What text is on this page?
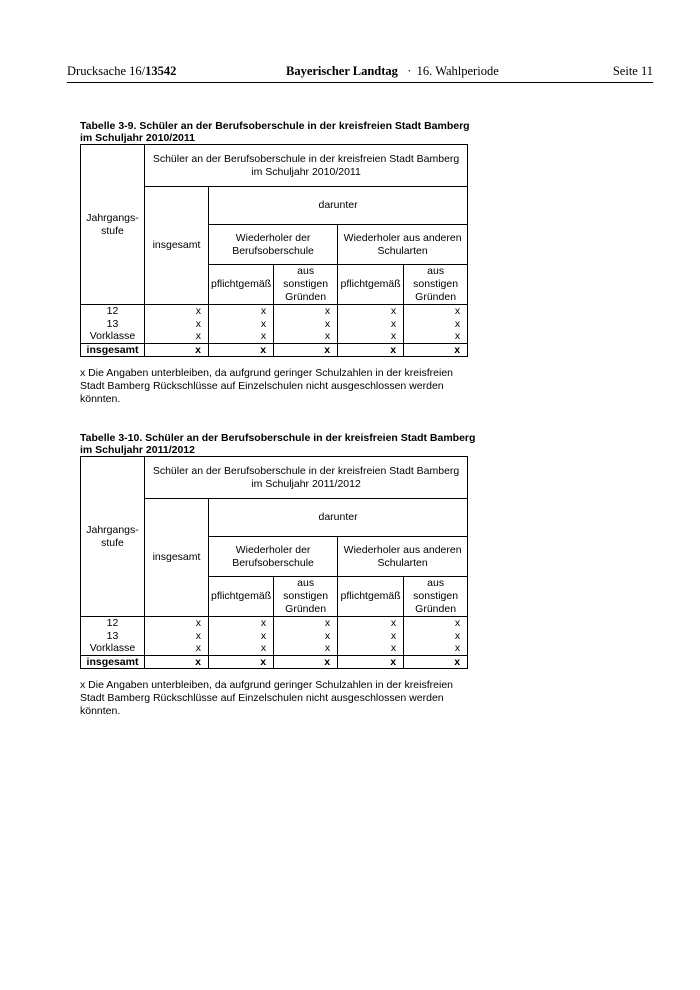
Drucksache 16/13542	Bayerischer Landtag ·
16. Wahlperiode	Seite 11
Tabelle 3-9. Schüler an der Berufsoberschule in der kreisfreien Stadt Bamberg
im Schuljahr 2010/2011
Jahrgangs-stufe	Schüler an der Berufsoberschule in der kreisfreien Stadt Bamberg im Schuljahr 2010/2011				
	insgesamt	darunter			
		Wiederholer der Berufsoberschule		Wiederholer aus anderen Schularten	
		pflichtgemäß	aus sonstigen Gründen	pflichtgemäß	aus sonstigen Gründen
12	x	x	x	x	x
13	x	x	x	x	x
Vorklasse	x	x	x	x	x
insgesamt	x	x	x	x	x
x Die Angaben unterbleiben, da aufgrund geringer Schulzahlen in der kreisfreien Stadt Bamberg Rückschlüsse auf Einzelschulen nicht ausgeschlossen werden könnten.
Tabelle 3-10. Schüler an der Berufsoberschule in der kreisfreien Stadt Bamberg
im Schuljahr 2011/2012
Jahrgangs-stufe	Schüler an der Berufsoberschule in der kreisfreien Stadt Bamberg im Schuljahr 2011/2012				
	insgesamt	darunter			
		Wiederholer der Berufsoberschule		Wiederholer aus anderen Schularten	
		pflichtgemäß	aus sonstigen Gründen	pflichtgemäß	aus sonstigen Gründen
12	x	x	x	x	x
13	x	x	x	x	x
Vorklasse	x	x	x	x	x
insgesamt	x	x	x	x	x
x Die Angaben unterbleiben, da aufgrund geringer Schulzahlen in der kreisfreien Stadt Bamberg Rückschlüsse auf Einzelschulen nicht ausgeschlossen werden könnten.
